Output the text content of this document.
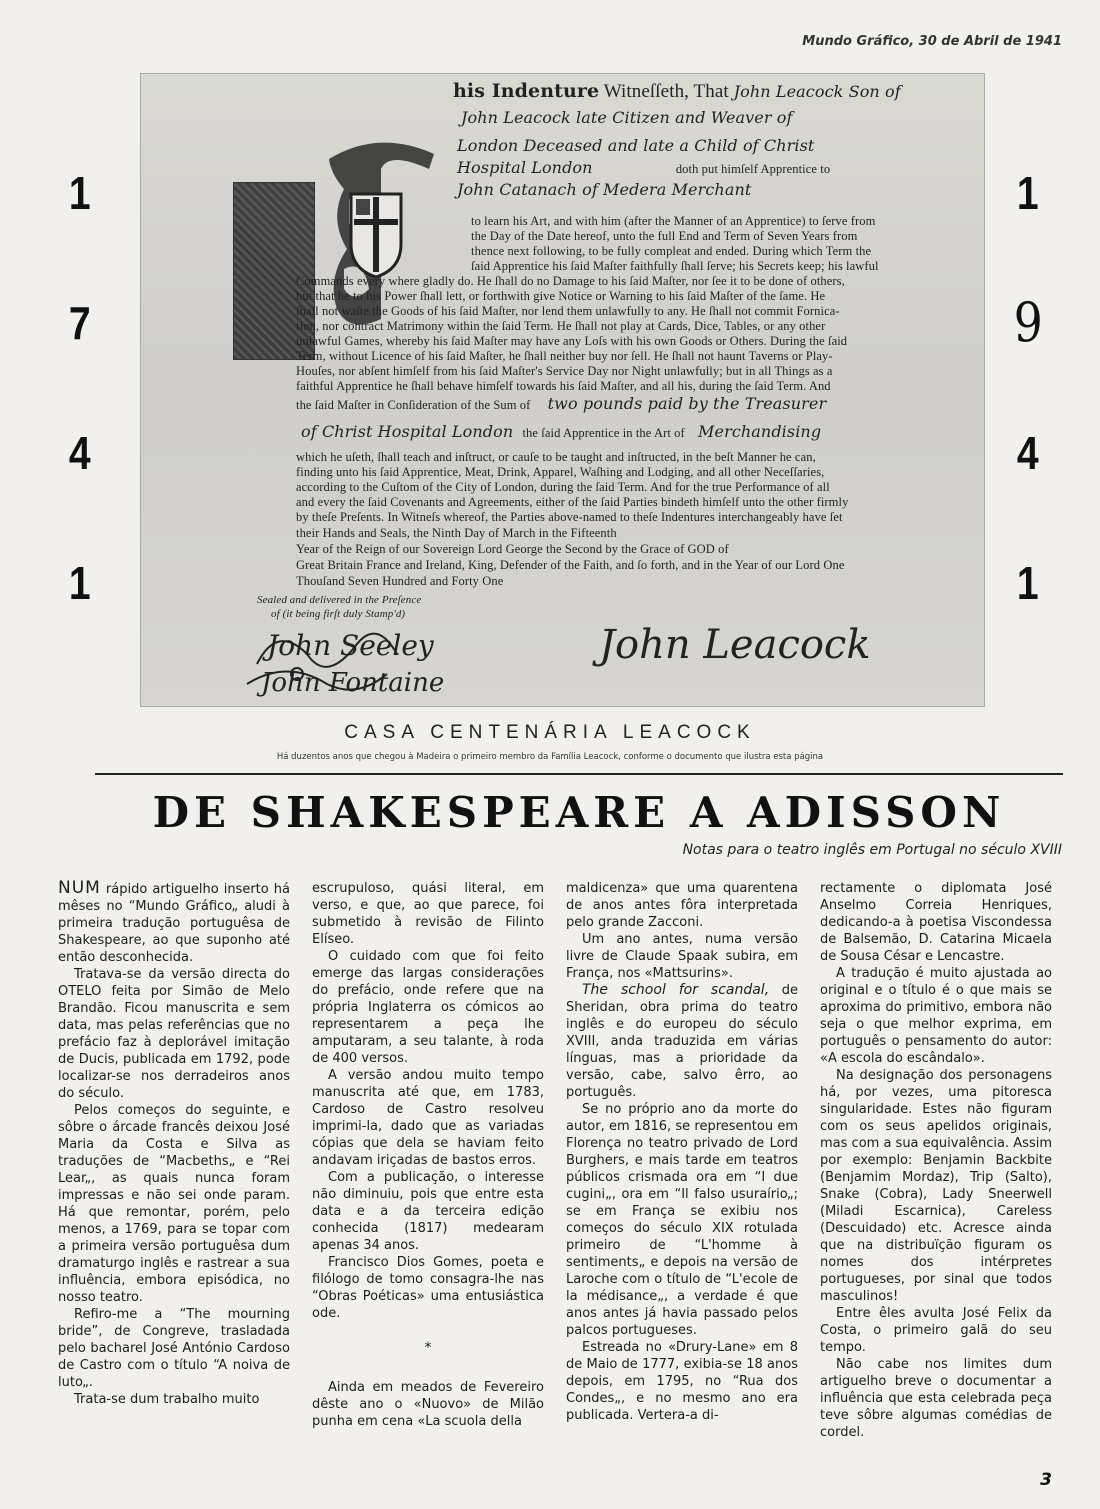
Mundo Gráfico, 30 de Abril de 1941
1
7
4
1
1
9
4
1
his Indenture Witneſſeth, That John Leacock Son of
John Leacock late Citizen and Weaver of
London Deceased and late a Child of Christ
Hospital London	doth put himſelf Apprentice to
John Catanach of Medera Merchant
to learn his Art, and with him (after the Manner of an Apprentice) to ſerve from
the Day of the Date hereof, unto the full End and Term of Seven Years from
thence next following, to be fully compleat and ended. During which Term the
ſaid Apprentice his ſaid Maſter faithfully ſhall ſerve; his Secrets keep; his lawful
Commands every where gladly do. He ſhall do no Damage to his ſaid Maſter, nor ſee it to be done of others,
but that he to his Power ſhall lett, or forthwith give Notice or Warning to his ſaid Maſter of the ſame. He
ſhall not waſte the Goods of his ſaid Maſter, nor lend them unlawfully to any. He ſhall not commit Fornica-
tion, nor contract Matrimony within the ſaid Term. He ſhall not play at Cards, Dice, Tables, or any other
unlawful Games, whereby his ſaid Maſter may have any Loſs with his own Goods or Others. During the ſaid
Term, without Licence of his ſaid Maſter, he ſhall neither buy nor ſell. He ſhall not haunt Taverns or Play-
Houſes, nor abſent himſelf from his ſaid Maſter's Service Day nor Night unlawfully; but in all Things as a
faithful Apprentice he ſhall behave himſelf towards his ſaid Maſter, and all his, during the ſaid Term. And
the ſaid Maſter in Conſideration of the Sum of two pounds paid by the Treasurer
of Christ Hospital London the ſaid Apprentice in the Art of Merchandising
which he uſeth, ſhall teach and inſtruct, or cauſe to be taught and inſtructed, in the beſt Manner he can,
finding unto his ſaid Apprentice, Meat, Drink, Apparel, Waſhing and Lodging, and all other Neceſſaries,
according to the Cuſtom of the City of London, during the ſaid Term. And for the true Performance of all
and every the ſaid Covenants and Agreements, either of the ſaid Parties bindeth himſelf unto the other firmly
by theſe Preſents. In Witneſs whereof, the Parties above-named to theſe Indentures interchangeably have ſet
their Hands and Seals, the Ninth Day of March in the Fifteenth
Year of the Reign of our Sovereign Lord George the Second by the Grace of GOD of
Great Britain France and Ireland, King, Defender of the Faith, and ſo forth, and in the Year of our Lord One
Thouſand Seven Hundred and Forty One
Sealed and delivered in the Preſence
of (it being firſt duly Stamp'd)
John Seeley
John Fontaine
John Leacock
CASA CENTENÁRIA LEACOCK
Há duzentos anos que chegou à Madeira o primeiro membro da Família Leacock, conforme o documento que ilustra esta página
DE SHAKESPEARE A ADISSON
Notas para o teatro inglês em Portugal no século XVIII

NUM rápido artiguelho inserto há mêses no “Mundo Gráfico„ aludi à primeira tradução portuguêsa de Shakespeare, ao que suponho até então desconhecida.

Tratava-se da versão directa do OTELO feita por Simão de Melo Brandão. Ficou manuscrita e sem data, mas pelas referências que no prefácio faz à deplorável imitação de Ducis, publicada em 1792, pode localizar-se nos derradeiros anos do século.

Pelos começos do seguinte, e sôbre o árcade francês deixou José Maria da Costa e Silva as traduções de “Macbeths„ e “Rei Lear„, as quais nunca foram impressas e não sei onde param. Há que remontar, porém, pelo menos, a 1769, para se topar com a primeira versão portuguêsa dum dramaturgo inglês e rastrear a sua influência, embora episódica, no nosso teatro.

Refiro-me a “The mourning bride”, de Congreve, trasladada pelo bacharel José António Cardoso de Castro com o título “A noiva de luto„.

Trata-se dum trabalho muito

escrupuloso, quási literal, em verso, e que, ao que parece, foi submetido à revisão de Filinto Elíseo.

O cuidado com que foi feito emerge das largas considerações do prefácio, onde refere que na própria Inglaterra os cómicos ao representarem a peça lhe amputaram, a seu talante, à roda de 400 versos.

A versão andou muito tempo manuscrita até que, em 1783, Cardoso de Castro resolveu imprimi-la, dado que as variadas cópias que dela se haviam feito andavam iriçadas de bastos erros.

Com a publicação, o interesse não diminuiu, pois que entre esta data e a da terceira edição conhecida (1817) medearam apenas 34 anos.

Francisco Dios Gomes, poeta e filólogo de tomo consagra-lhe nas “Obras Poéticas» uma entusiástica ode.

*

Ainda em meados de Fevereiro dêste ano o «Nuovo» de Milão punha em cena «La scuola della

maldicenza» que uma quarentena de anos antes fôra interpretada pelo grande Zacconi.

Um ano antes, numa versão livre de Claude Spaak subira, em França, nos «Mattsurins».

The school for scandal, de Sheridan, obra prima do teatro inglês e do europeu do século XVIII, anda traduzida em várias línguas, mas a prioridade da versão, cabe, salvo êrro, ao português.

Se no próprio ano da morte do autor, em 1816, se representou em Florença no teatro privado de Lord Burghers, e mais tarde em teatros públicos crismada ora em “I due cugini„, ora em “Il falso usuraírio„; se em França se exibiu nos começos do século XIX rotulada primeiro de “L'homme à sentiments„ e depois na versão de Laroche com o título de “L'ecole de la médisance„, a verdade é que anos antes já havia passado pelos palcos portugueses.

Estreada no «Drury-Lane» em 8 de Maio de 1777, exibia-se 18 anos depois, em 1795, no “Rua dos Condes„, e no mesmo ano era publicada. Vertera-a di-

rectamente o diplomata José Anselmo Correia Henriques, dedicando-a à poetisa Viscondessa de Balsemão, D. Catarina Micaela de Sousa César e Lencastre.

A tradução é muito ajustada ao original e o título é o que mais se aproxima do primitivo, embora não seja o que melhor exprima, em português o pensamento do autor: «A escola do escândalo».

Na designação dos personagens há, por vezes, uma pitoresca singularidade. Estes não figuram com os seus apelidos originais, mas com a sua equivalência. Assim por exemplo: Benjamin Backbite (Benjamim Mordaz), Trip (Salto), Snake (Cobra), Lady Sneerwell (Miladi Escarnica), Careless (Descuidado) etc. Acresce ainda que na distribuïção figuram os nomes dos intérpretes portugueses, por sinal que todos masculinos!

Entre êles avulta José Felix da Costa, o primeiro galã do seu tempo.

Não cabe nos limites dum artiguelho breve o documentar a influência que esta celebrada peça teve sôbre algumas comédias de cordel.

3
